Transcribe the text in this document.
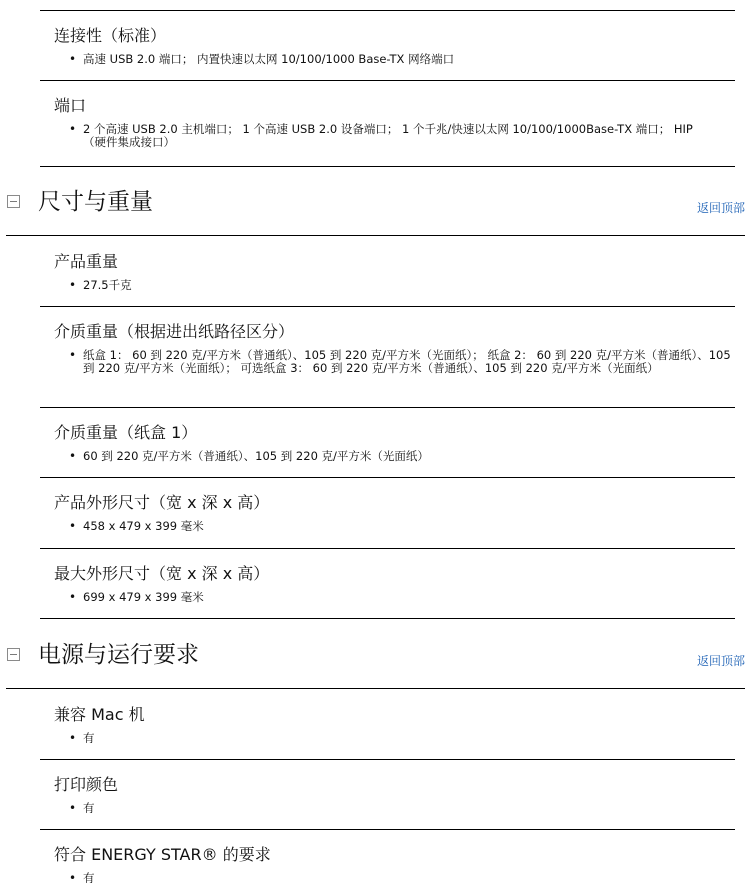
连接性（标准）
• 高速 USB 2.0 端口； 内置快速以太网 10/100/1000 Base-TX 网络端口
端口
• 2 个高速 USB 2.0 主机端口； 1 个高速 USB 2.0 设备端口； 1 个千兆/快速以太网 10/100/1000Base-TX 端口； HIP（硬件集成接口）
尺寸与重量	返回顶部
产品重量
• 27.5千克
介质重量（根据进出纸路径区分）
• 纸盒 1： 60 到 220 克/平方米（普通纸）、105 到 220 克/平方米（光面纸）； 纸盒 2： 60 到 220 克/平方米（普通纸）、105 到 220 克/平方米（光面纸）； 可选纸盒 3： 60 到 220 克/平方米（普通纸）、105 到 220 克/平方米（光面纸）
介质重量（纸盒 1）
• 60 到 220 克/平方米（普通纸）、105 到 220 克/平方米（光面纸）
产品外形尺寸（宽 x 深 x 高）
• 458 x 479 x 399 毫米
最大外形尺寸（宽 x 深 x 高）
• 699 x 479 x 399 毫米
电源与运行要求	返回顶部
兼容 Mac 机
• 有
打印颜色
• 有
符合 ENERGY STAR® 的要求
• 有
